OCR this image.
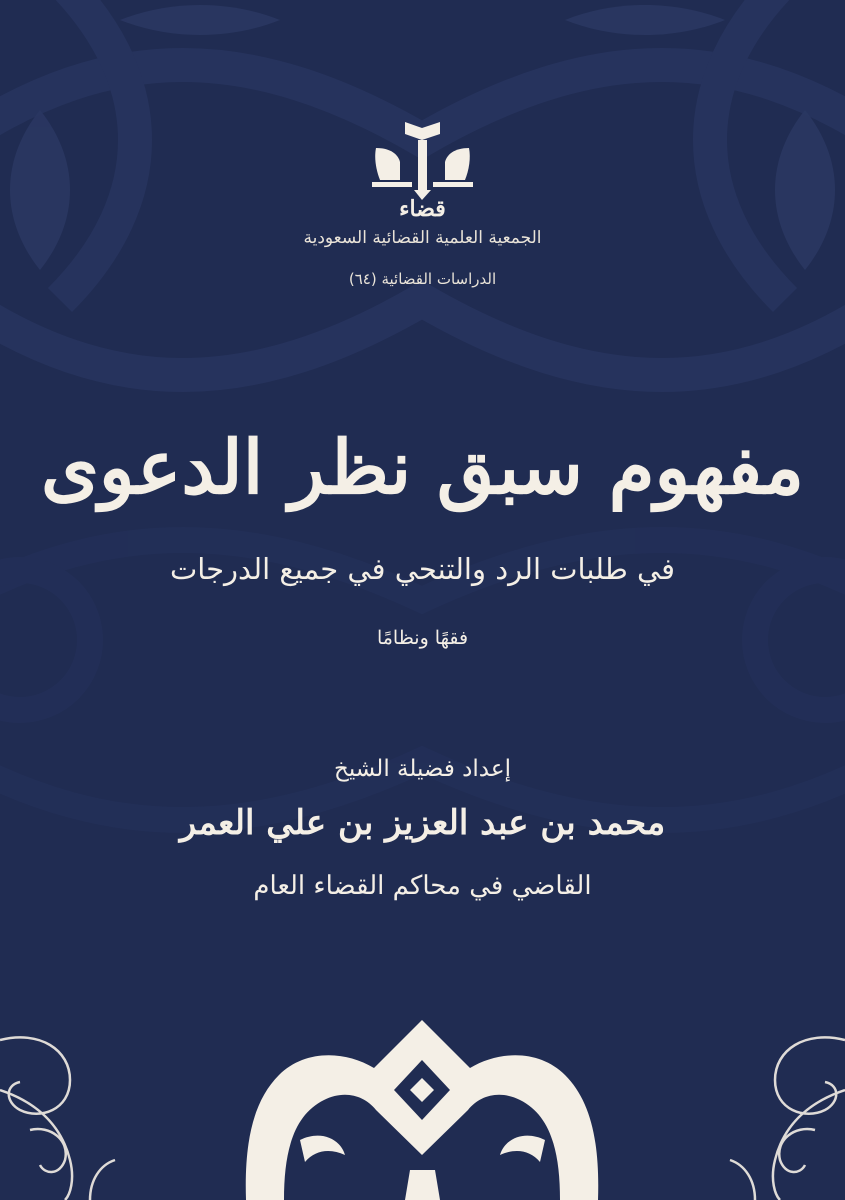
قضاء
الجمعية العلمية القضائية السعودية
الدراسات القضائية (٦٤)
مفهوم سبق نظر الدعوى
في طلبات الرد والتنحي في جميع الدرجات
فقهًا ونظامًا
إعداد فضيلة الشيخ
محمد بن عبد العزيز بن علي العمر
القاضي في محاكم القضاء العام
